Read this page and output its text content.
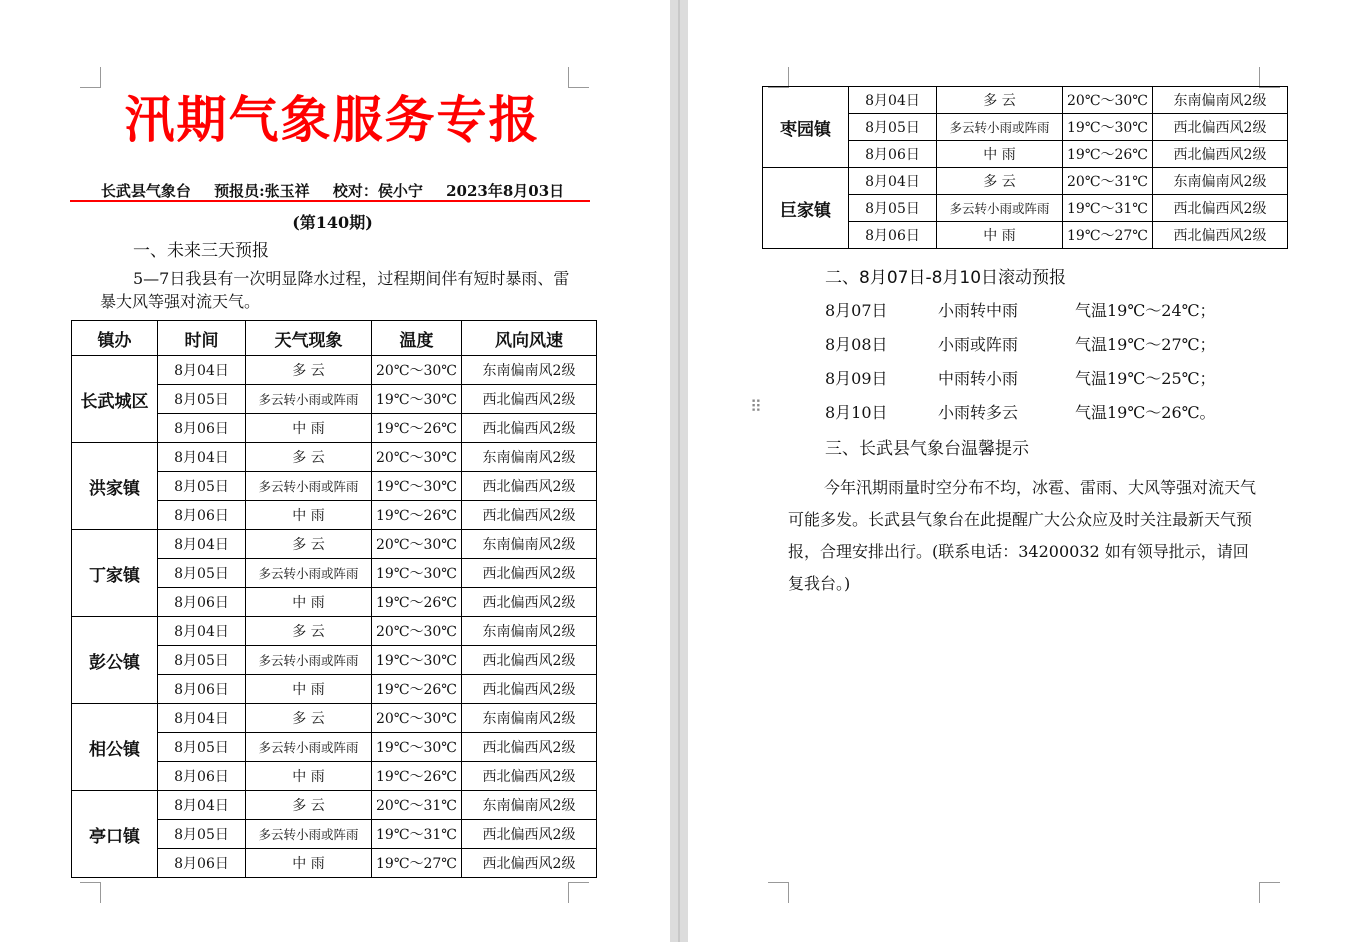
汛期气象服务专报
长武县气象台 预报员:张玉祥 校对：侯小宁 2023年8月03日
(第140期)
一、未来三天预报
5—7日我县有一次明显降水过程，过程期间伴有短时暴雨、雷暴大风等强对流天气。
镇办	时间	天气现象	温度	风向风速
长武城区	8月04日	多 云	20℃～30℃	东南偏南风2级
	8月05日	多云转小雨或阵雨	19℃～30℃	西北偏西风2级
	8月06日	中 雨	19℃～26℃	西北偏西风2级
洪家镇	8月04日	多 云	20℃～30℃	东南偏南风2级
	8月05日	多云转小雨或阵雨	19℃～30℃	西北偏西风2级
	8月06日	中 雨	19℃～26℃	西北偏西风2级
丁家镇	8月04日	多 云	20℃～30℃	东南偏南风2级
	8月05日	多云转小雨或阵雨	19℃～30℃	西北偏西风2级
	8月06日	中 雨	19℃～26℃	西北偏西风2级
彭公镇	8月04日	多 云	20℃～30℃	东南偏南风2级
	8月05日	多云转小雨或阵雨	19℃～30℃	西北偏西风2级
	8月06日	中 雨	19℃～26℃	西北偏西风2级
相公镇	8月04日	多 云	20℃～30℃	东南偏南风2级
	8月05日	多云转小雨或阵雨	19℃～30℃	西北偏西风2级
	8月06日	中 雨	19℃～26℃	西北偏西风2级
亭口镇	8月04日	多 云	20℃～31℃	东南偏南风2级
	8月05日	多云转小雨或阵雨	19℃～31℃	西北偏西风2级
	8月06日	中 雨	19℃～27℃	西北偏西风2级
枣园镇	8月04日	多 云	20℃～30℃	东南偏南风2级
	8月05日	多云转小雨或阵雨	19℃～30℃	西北偏西风2级
	8月06日	中 雨	19℃～26℃	西北偏西风2级
巨家镇	8月04日	多 云	20℃～31℃	东南偏南风2级
	8月05日	多云转小雨或阵雨	19℃～31℃	西北偏西风2级
	8月06日	中 雨	19℃～27℃	西北偏西风2级
二、8月07日-8月10日滚动预报
8月07日	小雨转中雨	气温19℃～24℃；
8月08日	小雨或阵雨	气温19℃～27℃；
8月09日	中雨转小雨	气温19℃～25℃；
8月10日	小雨转多云	气温19℃～26℃。
⠿
三、长武县气象台温馨提示
今年汛期雨量时空分布不均，冰雹、雷雨、大风等强对流天气可能多发。长武县气象台在此提醒广大公众应及时关注最新天气预报，合理安排出行。(联系电话：34200032 如有领导批示，请回复我台。)
